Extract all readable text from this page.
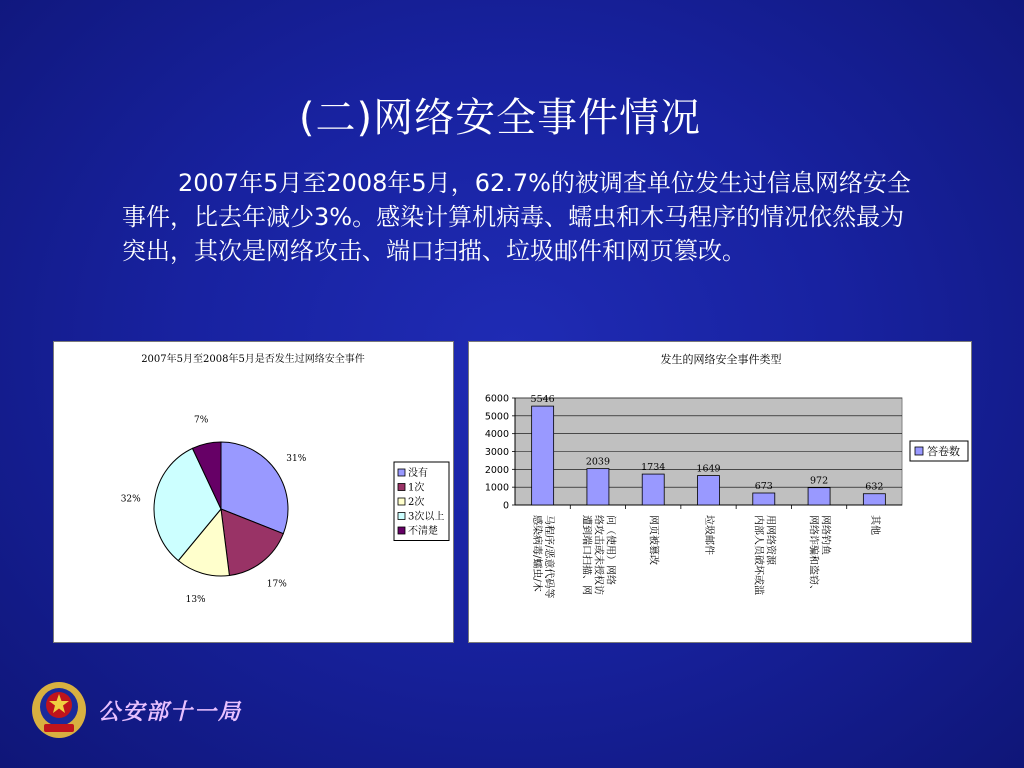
(二)网络安全事件情况
2007年5月至2008年5月，62.7%的被调查单位发生过信息网络安全事件，比去年减少3%。感染计算机病毒、蠕虫和木马程序的情况依然最为突出，其次是网络攻击、端口扫描、垃圾邮件和网页篡改。
2007年5月至2008年5月是否发生过网络安全事件
31%
17%
13%
32%
7%
没有
1次
2次
3次以上
不清楚
发生的网络安全事件类型
0
1000
2000
3000
4000
5000
6000 5546
2039	1734	1649
673	972
632
感染病毒/蠕虫/木 马程序/恶意代码等	遭到端口扫描、网 络攻击或未授权访 问（使用）网络	网页被篡改	垃圾邮件	内部人员破坏或滥 用网络资源	网络诈骗和盗窃、 网络钓鱼	其他
答卷数
公安部十一局
